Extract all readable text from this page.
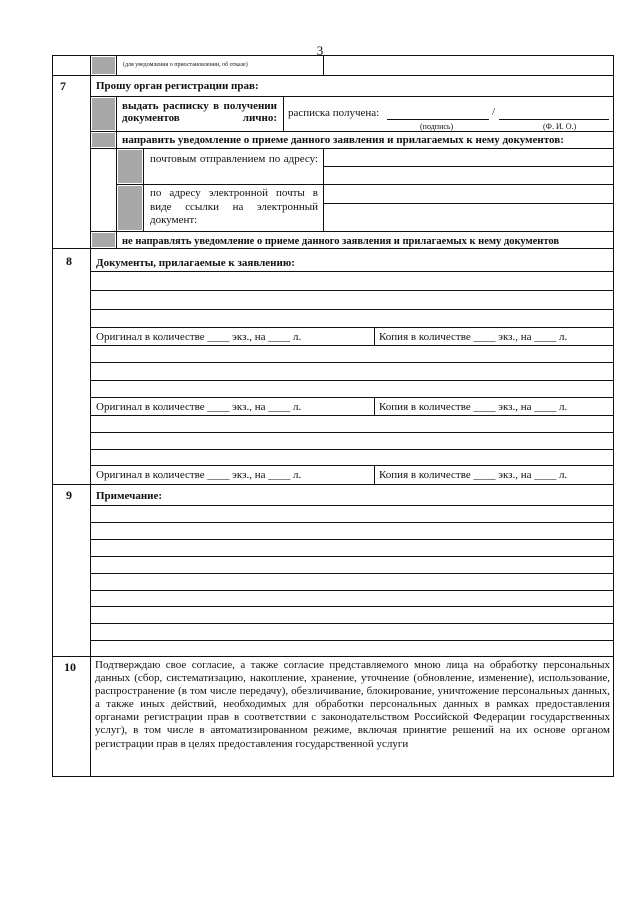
3
(для уведомления о приостановлении, об отказе)
7	Прошу орган регистрации прав:
выдать расписку в получении документов лично: расписка получена:	/
(подпись)	(Ф. И. О.)
направить уведомление о приеме данного заявления и прилагаемых к нему документов:
почтовым отправлением по адресу:
по адресу электронной почты в виде ссылки на электронный документ:
не направлять уведомление о приеме данного заявления и прилагаемых к нему документов
8 Документы, прилагаемые к заявлению:
Оригинал в количестве ____ экз., на ____ л.	Копия в количестве ____ экз., на ____ л.
Оригинал в количестве ____ экз., на ____ л.	Копия в количестве ____ экз., на ____ л.
Оригинал в количестве ____ экз., на ____ л.	Копия в количестве ____ экз., на ____ л.
9 Примечание:
10 Подтверждаю свое согласие, а также согласие представляемого мною лица на обработку персональных данных (сбор, систематизацию, накопление, хранение, уточнение (обновление, изменение), использование, распространение (в том числе передачу), обезличивание, блокирование, уничтожение персональных данных, а также иных действий, необходимых для обработки персональных данных в рамках предоставления органами регистрации прав в соответствии с законодательством Российской Федерации государственных услуг), в том числе в автоматизированном режиме, включая принятие решений на их основе органом регистрации прав в целях предоставления государственной услуги
